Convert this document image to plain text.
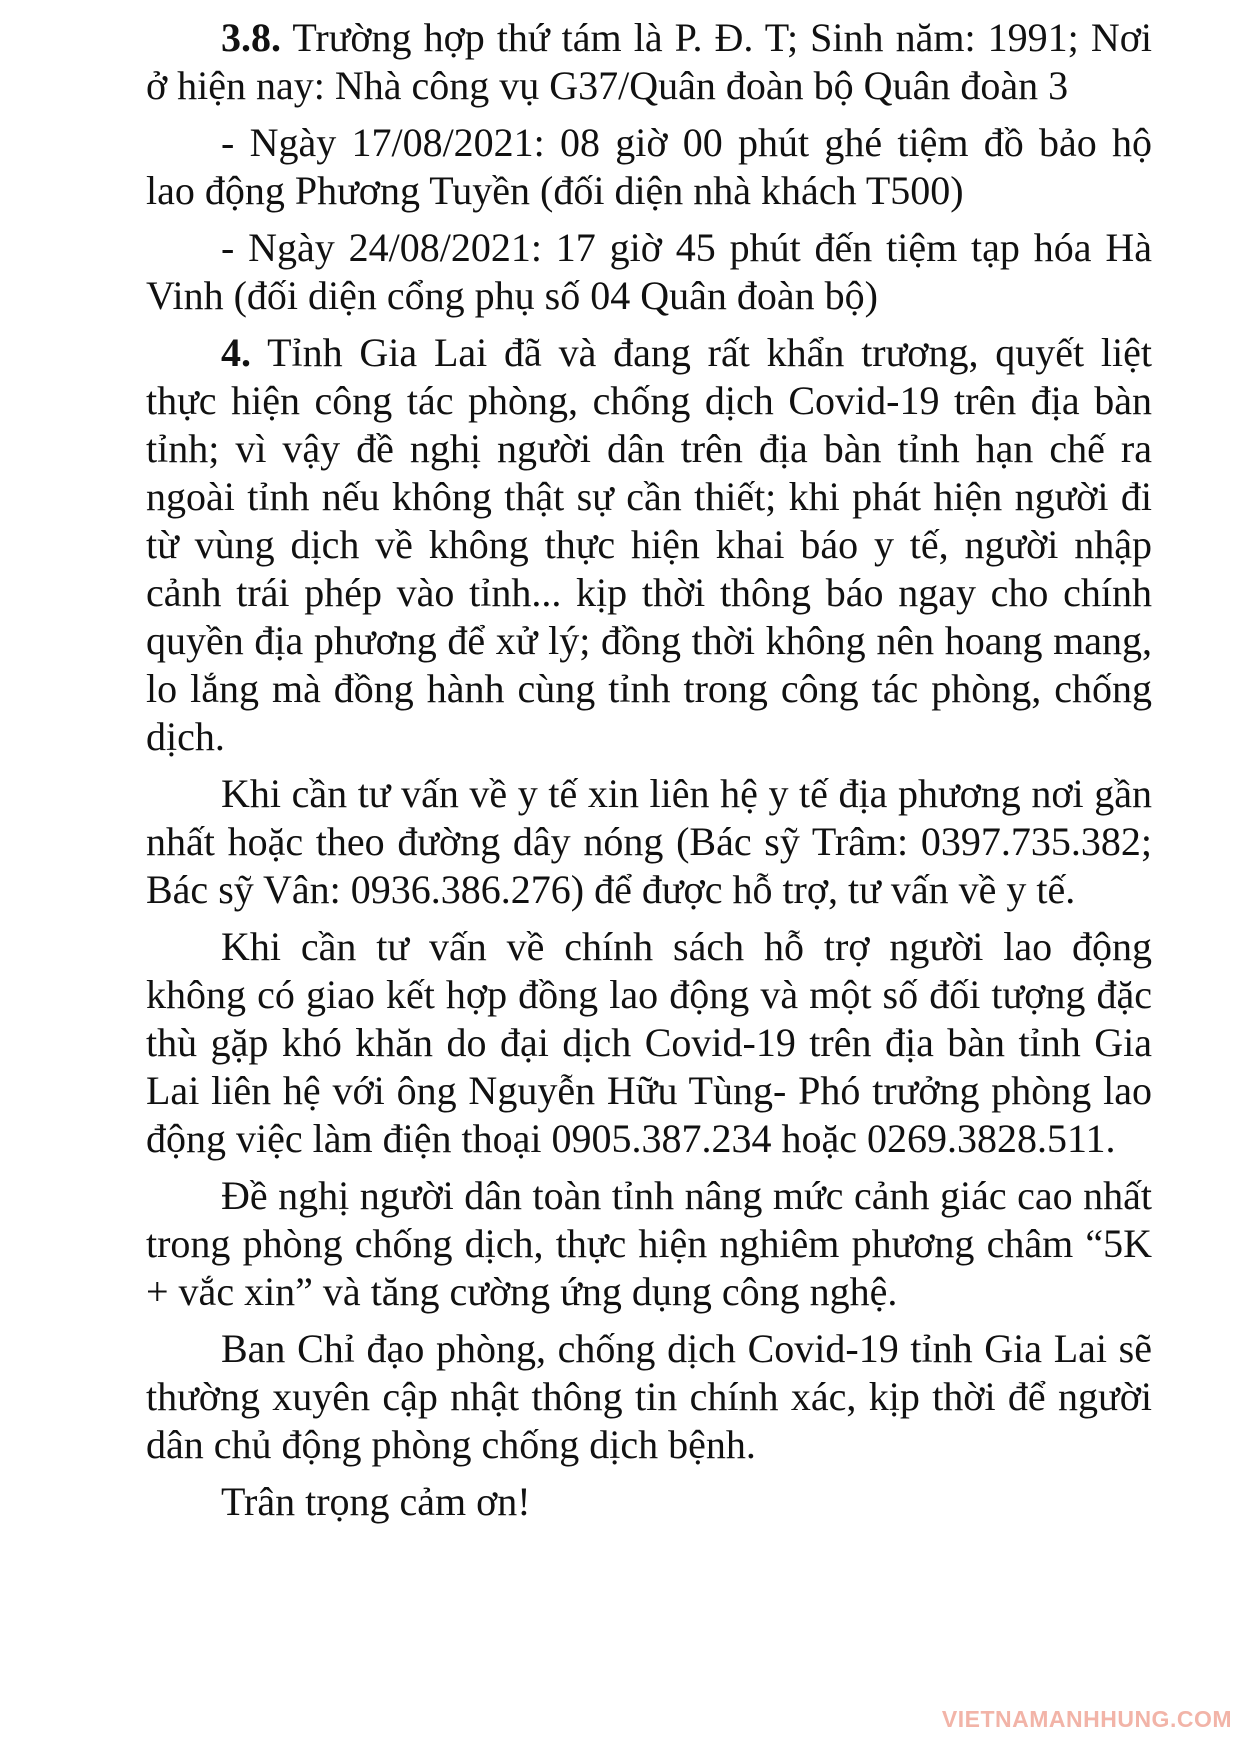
3.8. Trường hợp thứ tám là P. Đ. T; Sinh năm: 1991; Nơi ở hiện nay: Nhà công vụ G37/Quân đoàn bộ Quân đoàn 3

- Ngày 17/08/2021: 08 giờ 00 phút ghé tiệm đồ bảo hộ lao động Phương Tuyền (đối diện nhà khách T500)

- Ngày 24/08/2021: 17 giờ 45 phút đến tiệm tạp hóa Hà Vinh (đối diện cổng phụ số 04 Quân đoàn bộ)

4. Tỉnh Gia Lai đã và đang rất khẩn trương, quyết liệt thực hiện công tác phòng, chống dịch Covid-19 trên địa bàn tỉnh; vì vậy đề nghị người dân trên địa bàn tỉnh hạn chế ra ngoài tỉnh nếu không thật sự cần thiết; khi phát hiện người đi từ vùng dịch về không thực hiện khai báo y tế, người nhập cảnh trái phép vào tỉnh... kịp thời thông báo ngay cho chính quyền địa phương để xử lý; đồng thời không nên hoang mang, lo lắng mà đồng hành cùng tỉnh trong công tác phòng, chống dịch.

Khi cần tư vấn về y tế xin liên hệ y tế địa phương nơi gần nhất hoặc theo đường dây nóng (Bác sỹ Trâm: 0397.735.382; Bác sỹ Vân: 0936.386.276) để được hỗ trợ, tư vấn về y tế.

Khi cần tư vấn về chính sách hỗ trợ người lao động không có giao kết hợp đồng lao động và một số đối tượng đặc thù gặp khó khăn do đại dịch Covid-19 trên địa bàn tỉnh Gia Lai liên hệ với ông Nguyễn Hữu Tùng- Phó trưởng phòng lao động việc làm điện thoại 0905.387.234 hoặc 0269.3828.511.

Đề nghị người dân toàn tỉnh nâng mức cảnh giác cao nhất trong phòng chống dịch, thực hiện nghiêm phương châm “5K + vắc xin” và tăng cường ứng dụng công nghệ.

Ban Chỉ đạo phòng, chống dịch Covid-19 tỉnh Gia Lai sẽ thường xuyên cập nhật thông tin chính xác, kịp thời để người dân chủ động phòng chống dịch bệnh.

Trân trọng cảm ơn!

VIETNAMANHHUNG.COM
